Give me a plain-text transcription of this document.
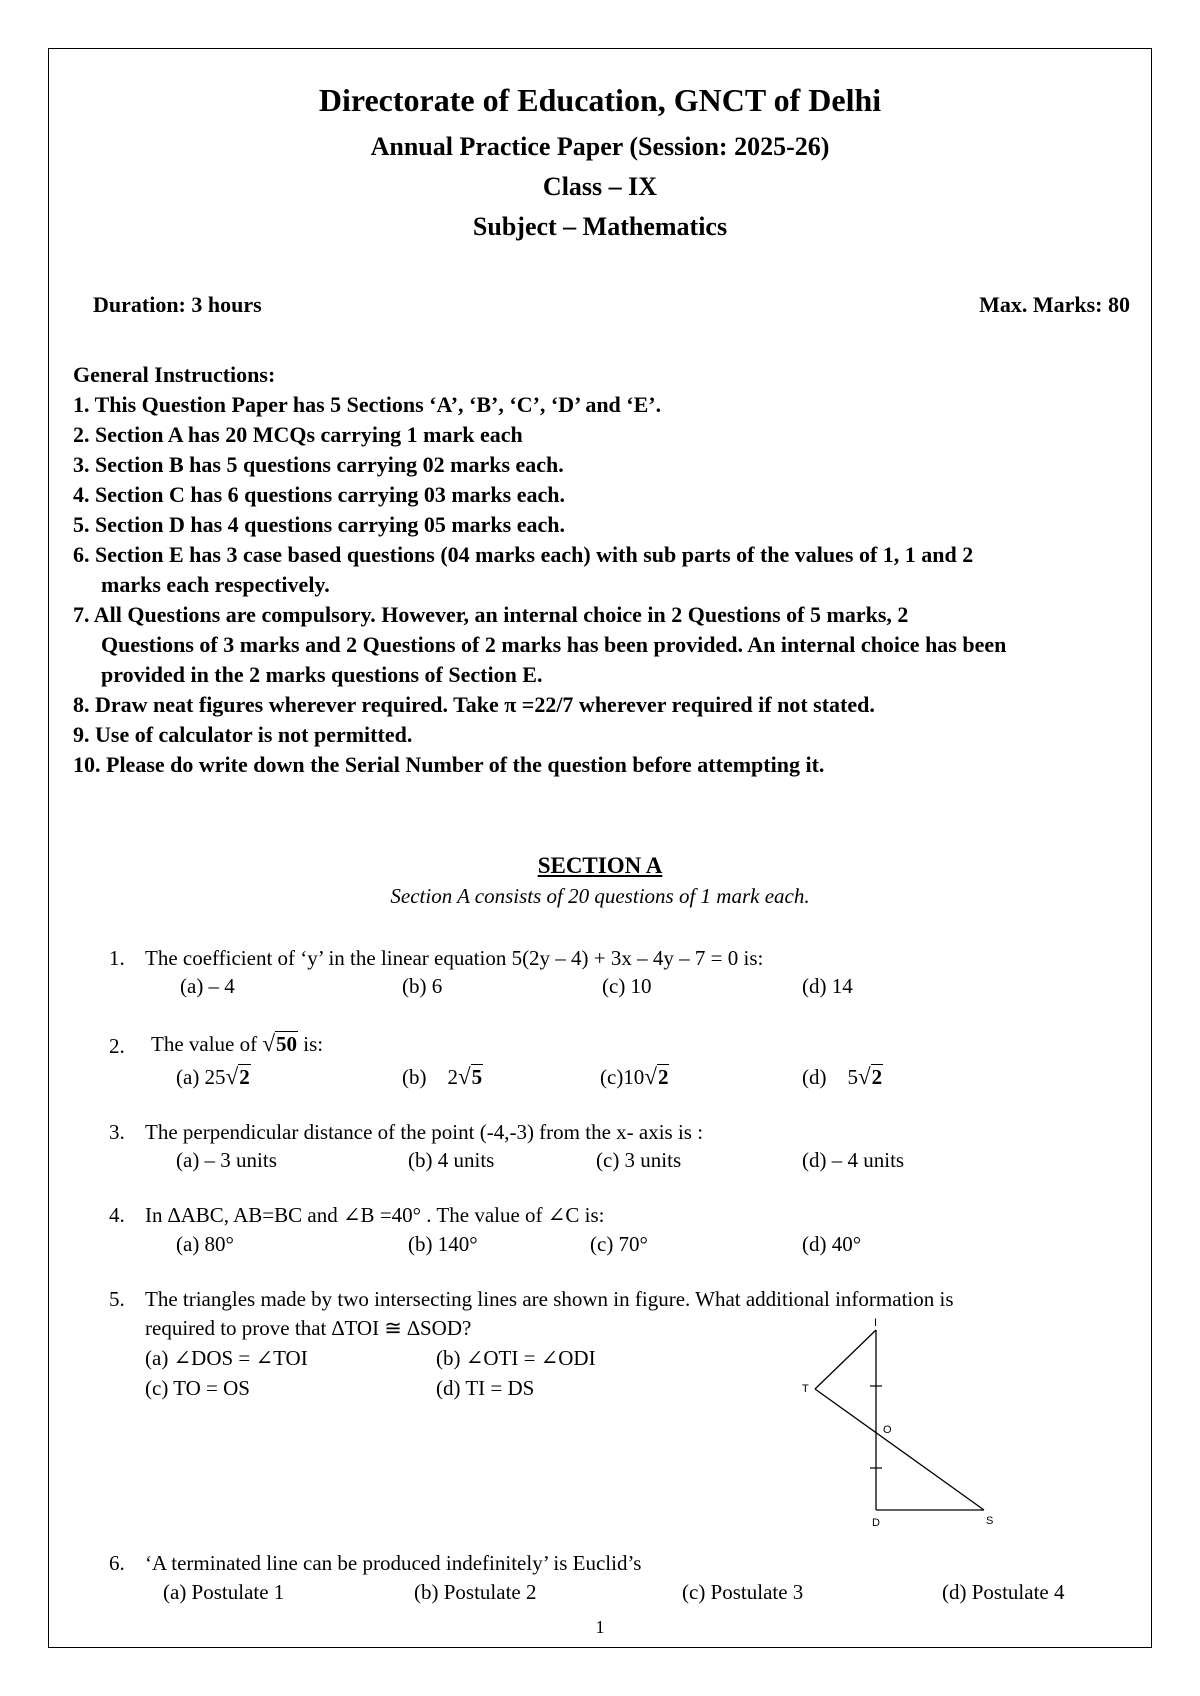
Directorate of Education, GNCT of Delhi
Annual Practice Paper (Session: 2025-26)
Class – IX
Subject – Mathematics
Duration: 3 hours	Max. Marks: 80
General Instructions:
1. This Question Paper has 5 Sections ‘A’, ‘B’, ‘C’, ‘D’ and ‘E’.
2. Section A has 20 MCQs carrying 1 mark each
3. Section B has 5 questions carrying 02 marks each.
4. Section C has 6 questions carrying 03 marks each.
5. Section D has 4 questions carrying 05 marks each.
6. Section E has 3 case based questions (04 marks each) with sub parts of the values of 1, 1 and 2
marks each respectively.
7. All Questions are compulsory. However, an internal choice in 2 Questions of 5 marks, 2
Questions of 3 marks and 2 Questions of 2 marks has been provided. An internal choice has been
provided in the 2 marks questions of Section E.
8. Draw neat figures wherever required. Take π =22/7 wherever required if not stated.
9. Use of calculator is not permitted.
10. Please do write down the Serial Number of the question before attempting it.
SECTION A
Section A consists of 20 questions of 1 mark each.
1. The coefficient of ‘y’ in the linear equation 5(2y – 4) + 3x – 4y – 7 = 0 is:
(a) – 4	(b) 6	(c) 10	(d) 14
2. The value of √50 is:
(a) 25√2	(b)    2√5	(c)10√2	(d)    5√2
3. The perpendicular distance of the point (-4,-3) from the x- axis is :
(a) – 3 units	(b) 4 units	(c) 3 units	(d) – 4 units
4. In ∆ABC, AB=BC and ∠B =40° . The value of ∠C is:
(a) 80°	(b) 140°	(c) 70°	(d) 40°
5. The triangles made by two intersecting lines are shown in figure. What additional information is
required to prove that ∆TOI ≅ ∆SOD?
(a) ∠DOS = ∠TOI	(b) ∠OTI = ∠ODI
(c) TO = OS	(d) TI = DS
I
T
O
D	S
6. ‘A terminated line can be produced indefinitely’ is Euclid’s
(a) Postulate 1	(b) Postulate 2	(c) Postulate 3	(d) Postulate 4
1
